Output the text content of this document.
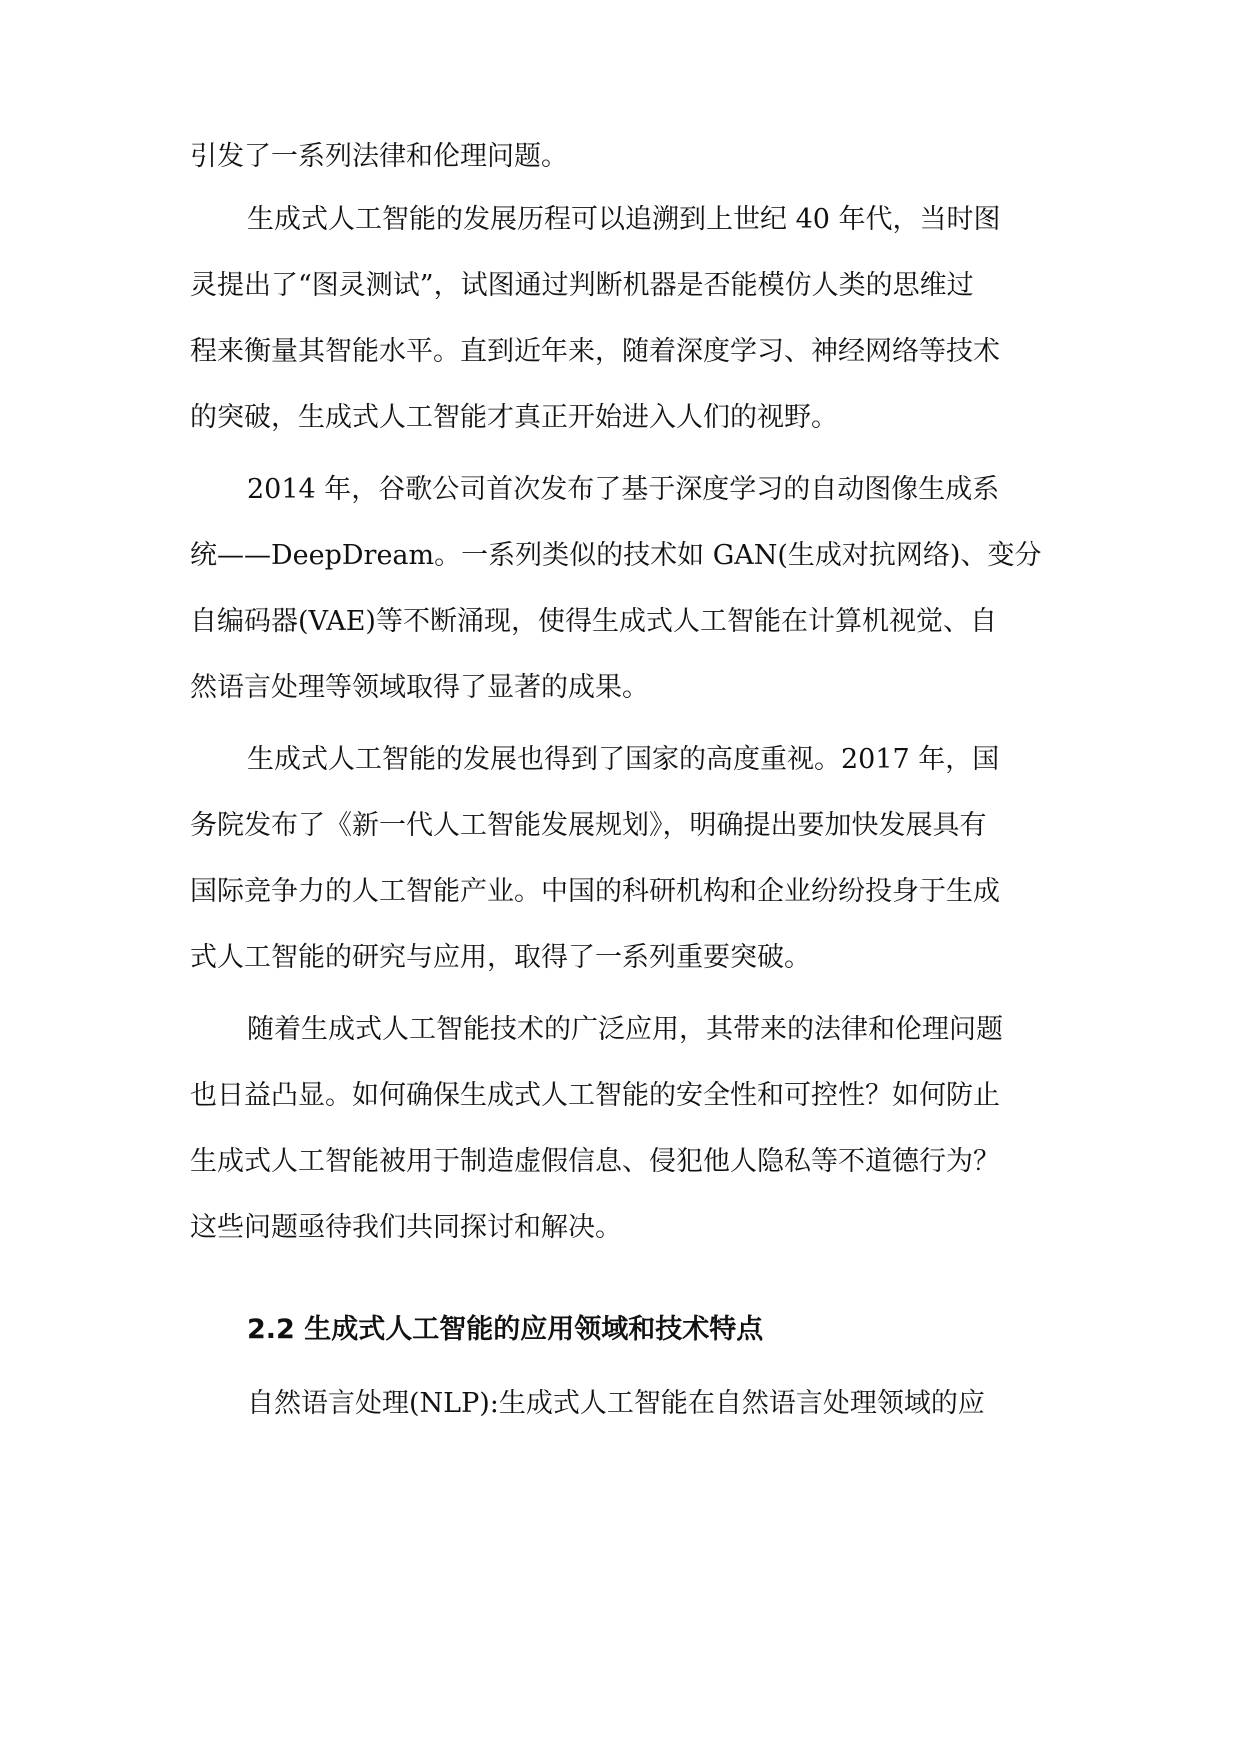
引发了一系列法律和伦理问题。
生成式人工智能的发展历程可以追溯到上世纪 40 年代，当时图
灵提出了“图灵测试”，试图通过判断机器是否能模仿人类的思维过
程来衡量其智能水平。直到近年来，随着深度学习、神经网络等技术
的突破，生成式人工智能才真正开始进入人们的视野。
2014 年，谷歌公司首次发布了基于深度学习的自动图像生成系
统——DeepDream。一系列类似的技术如 GAN(生成对抗网络)、变分
自编码器(VAE)等不断涌现，使得生成式人工智能在计算机视觉、自
然语言处理等领域取得了显著的成果。
生成式人工智能的发展也得到了国家的高度重视。2017 年，国
务院发布了《新一代人工智能发展规划》，明确提出要加快发展具有
国际竞争力的人工智能产业。中国的科研机构和企业纷纷投身于生成
式人工智能的研究与应用，取得了一系列重要突破。
随着生成式人工智能技术的广泛应用，其带来的法律和伦理问题
也日益凸显。如何确保生成式人工智能的安全性和可控性？如何防止
生成式人工智能被用于制造虚假信息、侵犯他人隐私等不道德行为？
这些问题亟待我们共同探讨和解决。
2.2 生成式人工智能的应用领域和技术特点
自然语言处理(NLP):生成式人工智能在自然语言处理领域的应
